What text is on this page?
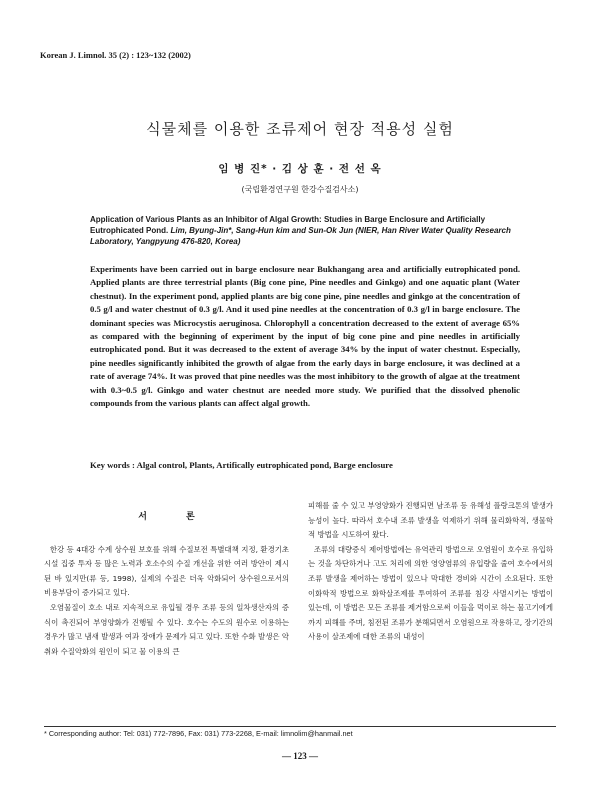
Korean J. Limnol. 35 (2) : 123~132 (2002)
식물체를 이용한 조류제어 현장 적용성 실험
임 병 진* · 김 상 훈 · 전 선 옥
(국립환경연구원 한강수질검사소)
Application of Various Plants as an Inhibitor of Algal Growth: Studies in Barge Enclosure and Artificially Eutrophicated Pond. Lim, Byung-Jin*, Sang-Hun kim and Sun-Ok Jun (NIER, Han River Water Quality Research Laboratory, Yangpyung 476-820, Korea)
Experiments have been carried out in barge enclosure near Bukhangang area and artificially eutrophicated pond. Applied plants are three terrestrial plants (Big cone pine, Pine needles and Ginkgo) and one aquatic plant (Water chestnut). In the experiment pond, applied plants are big cone pine, pine needles and ginkgo at the concentration of 0.5 g/l and water chestnut of 0.3 g/l. And it used pine needles at the concentration of 0.3 g/l in barge enclosure. The dominant species was Microcystis aeruginosa. Chlorophyll a concentration decreased to the extent of average 65% as compared with the beginning of experiment by the input of big cone pine and pine needles in artificially eutrophicated pond. But it was decreased to the extent of average 34% by the input of water chestnut. Especially, pine needles significantly inhibited the growth of algae from the early days in barge enclosure, it was declined at a rate of average 74%. It was proved that pine needles was the most inhibitory to the growth of algae at the treatment with 0.3~0.5 g/l. Ginkgo and water chestnut are needed more study. We purified that the dissolved phenolic compounds from the various plants can affect algal growth.
Key words : Algal control, Plants, Artifically eutrophicated pond, Barge enclosure
서 론

한강 등 4대강 수계 상수원 보호를 위해 수질보전 특별대책 지정, 환경기초시설 집중 투자 등 많은 노력과 호소수의 수질 개선을 위한 여러 방안이 제시된 바 있지만(류 등, 1998), 실제의 수질은 더욱 악화되어 상수원으로서의 비용부담이 증가되고 있다.

오염물질이 호소 내로 지속적으로 유입될 경우 조류 등의 일차생산자의 증식이 촉진되어 부영양화가 진행될 수 있다. 호수는 수도의 원수로 이용하는 경우가 많고 냄새 발생과 여과 장애가 문제가 되고 있다. 또한 수화 발생은 악취와 수질악화의 원인이 되고 물 이용의 큰

피해를 줄 수 있고 부영양화가 진행되면 남조류 등 유해성 플랑크톤의 발생가능성이 높다. 따라서 호수내 조류 발생을 억제하기 위해 물리화학적, 생물학적 방법을 시도하여 왔다.

조류의 대량증식 제어방법에는 유역관리 방법으로 오염원이 호수로 유입하는 것을 차단하거나 고도 처리에 의한 영양염류의 유입량을 줄여 호수에서의 조류 발생을 제어하는 방법이 있으나 막대한 경비와 시간이 소요된다. 또한 이화학적 방법으로 화학살조제를 투여하여 조류를 침강 사멸시키는 방법이 있는데, 이 방법은 모든 조류를 제거함으로써 이들을 먹이로 하는 물고기에게까지 피해를 주며, 침전된 조류가 분해되면서 오염원으로 작용하고, 장기간의 사용이 살조제에 대한 조류의 내성이

* Corresponding author: Tel: 031) 772-7896, Fax: 031) 773-2268, E-mail: limnolim@hanmail.net
— 123 —
